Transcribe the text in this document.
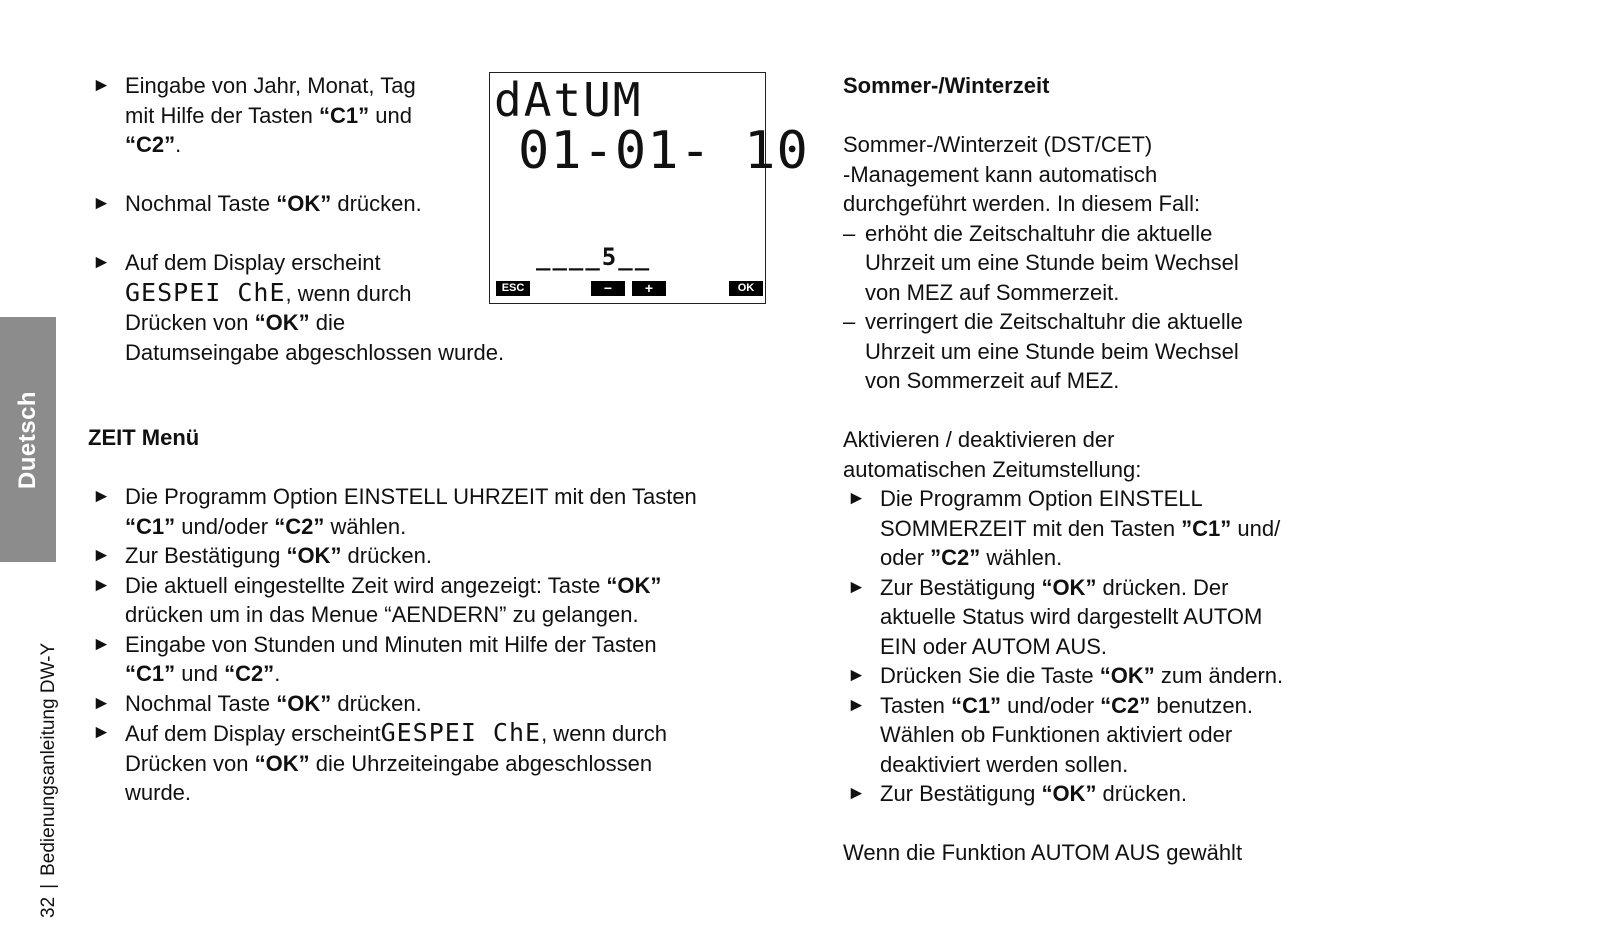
Duetsch
32|Bedienungsanleitung DW-Y
► Eingabe von Jahr, Monat, Tag

mit Hilfe der Tasten “C1” und

“C2”.

► Nochmal Taste “OK” drücken.
► Auf dem Display erscheint

GESPEI ChE, wenn durch

Drücken von “OK” die

Datumseingabe abgeschlossen wurde.

dAtUM
01-01- 10
____5__
ESC	−	+	OK

ZEIT Menü

► Die Programm Option EINSTELL UHRZEIT mit den Tasten

“C1” und/oder “C2” wählen.

► Zur Bestätigung “OK” drücken.

► Die aktuell eingestellte Zeit wird angezeigt: Taste “OK”

drücken um in das Menue “AENDERN” zu gelangen.

► Eingabe von Stunden und Minuten mit Hilfe der Tasten

“C1” und “C2”.

► Nochmal Taste “OK” drücken.

► Auf dem Display erscheintGESPEI ChE, wenn durch

Drücken von “OK” die Uhrzeiteingabe abgeschlossen

wurde.

Sommer-/Winterzeit

Sommer-/Winterzeit (DST/CET)

-Management kann automatisch

durchgeführt werden. In diesem Fall:

– erhöht die Zeitschaltuhr die aktuelle

Uhrzeit um eine Stunde beim Wechsel

von MEZ auf Sommerzeit.

– verringert die Zeitschaltuhr die aktuelle

Uhrzeit um eine Stunde beim Wechsel

von Sommerzeit auf MEZ.

Aktivieren / deaktivieren der

automatischen Zeitumstellung:

► Die Programm Option EINSTELL

SOMMERZEIT mit den Tasten ”C1” und/

oder ”C2” wählen.

► Zur Bestätigung “OK” drücken. Der

aktuelle Status wird dargestellt AUTOM

EIN oder AUTOM AUS.

► Drücken Sie die Taste “OK” zum ändern.

► Tasten “C1” und/oder “C2” benutzen.

Wählen ob Funktionen aktiviert oder

deaktiviert werden sollen.

► Zur Bestätigung “OK” drücken.

Wenn die Funktion AUTOM AUS gewählt
